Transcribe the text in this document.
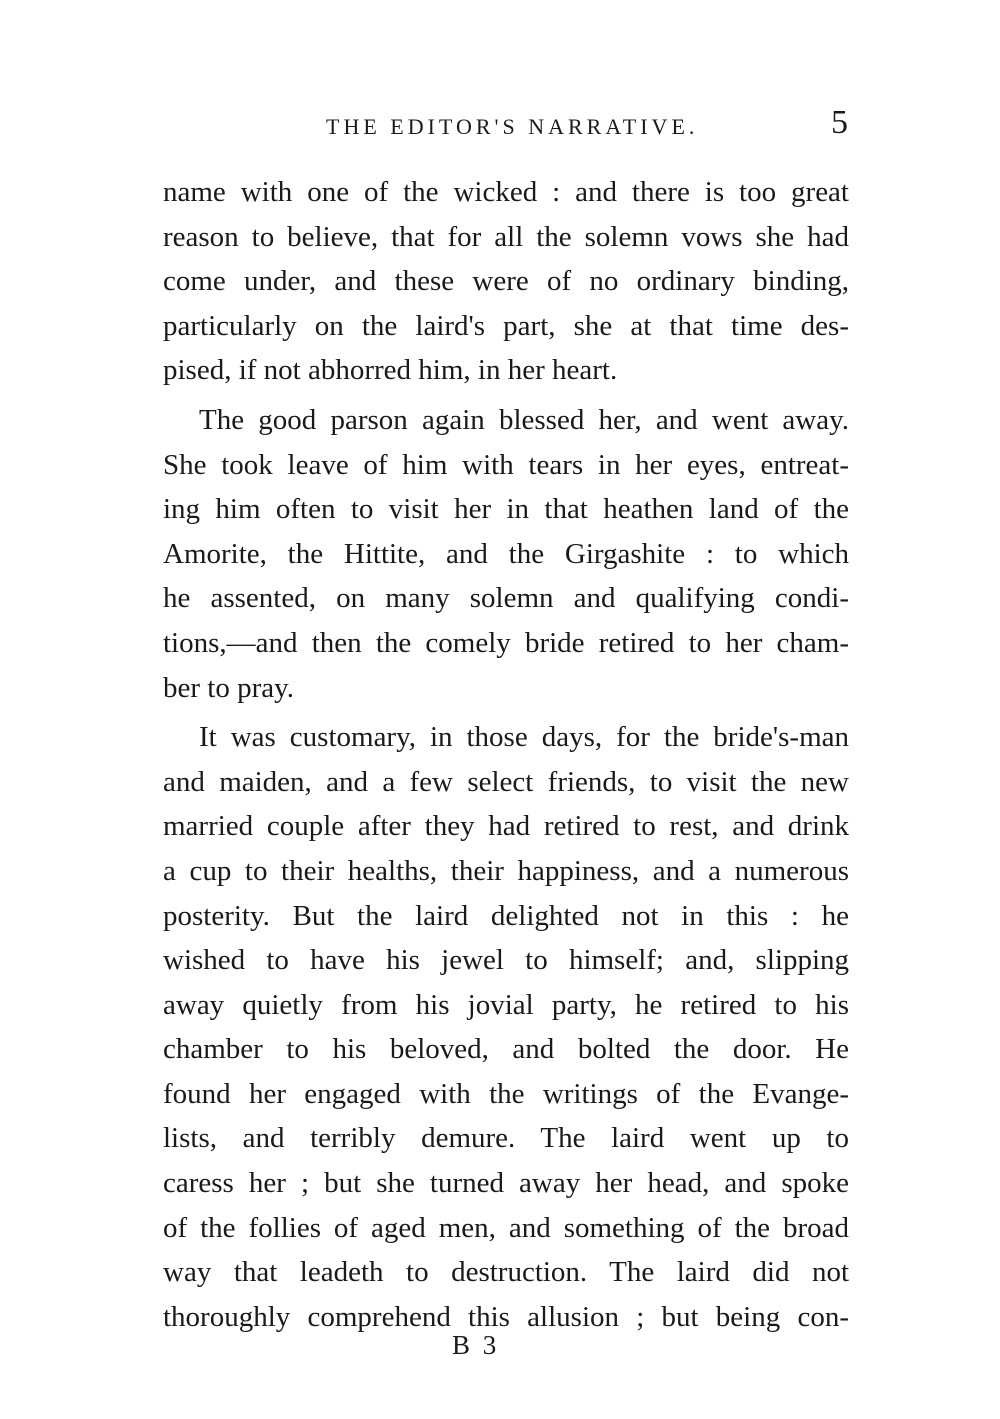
THE EDITOR'S NARRATIVE.	5
name with one of the wicked : and there is too great
reason to believe, that for all the solemn vows she had
come under, and these were of no ordinary binding,
particularly on the laird's part, she at that time des-
pised, if not abhorred him, in her heart.
The good parson again blessed her, and went away.
She took leave of him with tears in her eyes, entreat-
ing him often to visit her in that heathen land of the
Amorite, the Hittite, and the Girgashite : to which
he assented, on many solemn and qualifying condi-
tions,—and then the comely bride retired to her cham-
ber to pray.
It was customary, in those days, for the bride's-man
and maiden, and a few select friends, to visit the new
married couple after they had retired to rest, and drink
a cup to their healths, their happiness, and a numerous
posterity. But the laird delighted not in this : he
wished to have his jewel to himself; and, slipping
away quietly from his jovial party, he retired to his
chamber to his beloved, and bolted the door. He
found her engaged with the writings of the Evange-
lists, and terribly demure. The laird went up to
caress her ; but she turned away her head, and spoke
of the follies of aged men, and something of the broad
way that leadeth to destruction. The laird did not
thoroughly comprehend this allusion ; but being con-
B 3
